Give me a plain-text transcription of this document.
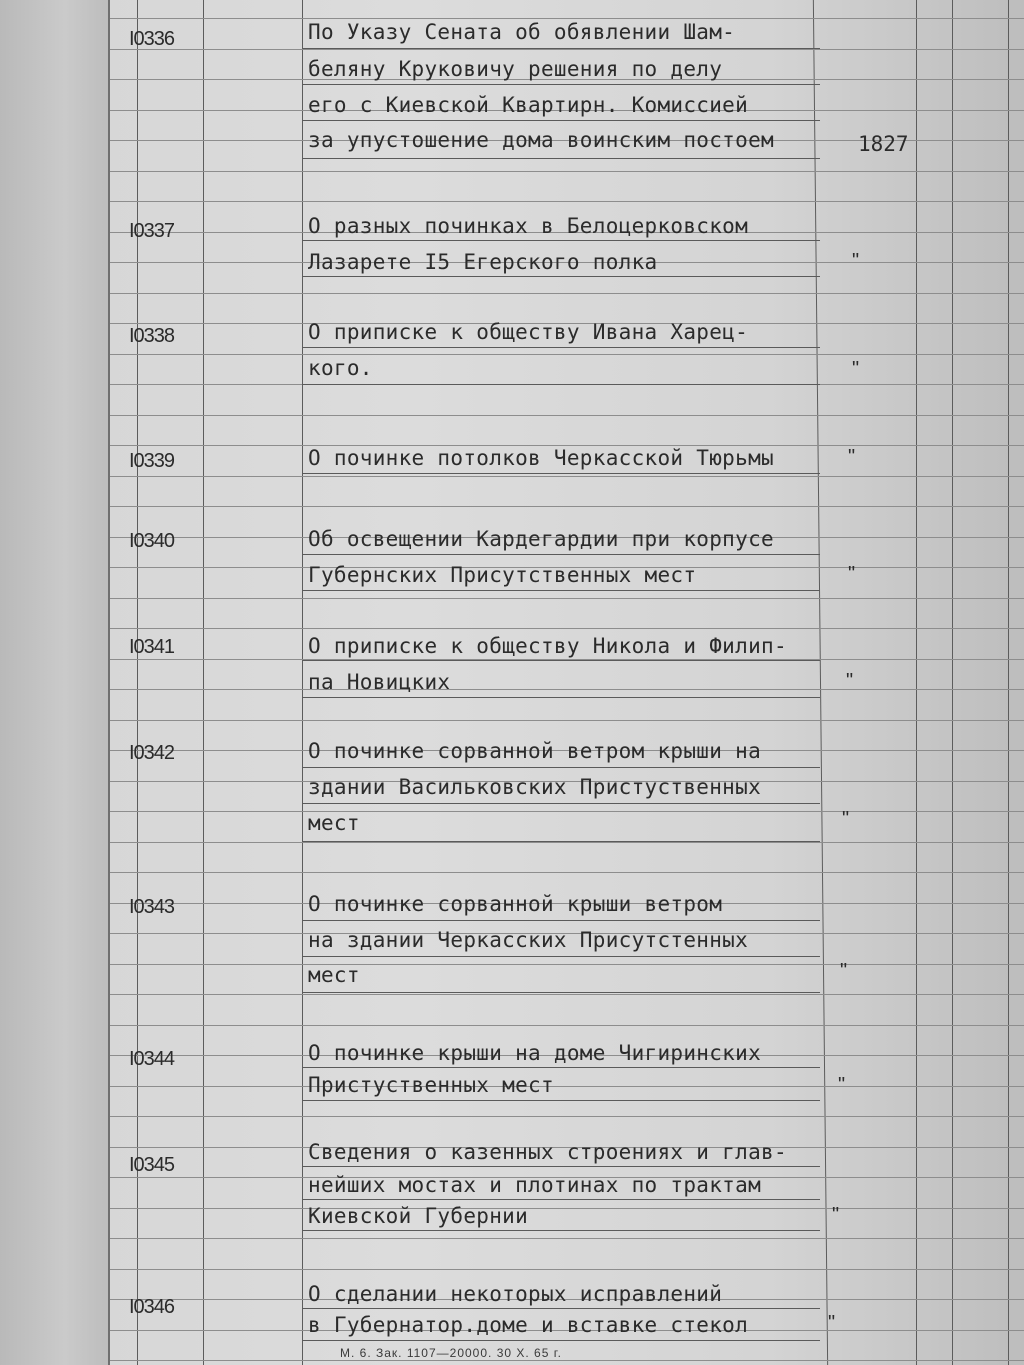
I0336	По Указу Сената об обявлении Шам-
беляну Круковичу решения по делу
его с Киевской Квартирн. Комиссией
за упустошение дома воинским постоем	1827
I0337	О разных починках в Белоцерковском
Лазарете I5 Егерского полка	"
I0338	О приписке к обществу Ивана Харец-
кого.	"
I0339	О починке потолков Черкасской Тюрьмы	"
I0340	Об освещении Кардегардии при корпусе
Губернских Присутственных мест	"
I0341	О приписке к обществу Никола и Филип-
па Новицких	"
I0342	О починке сорванной ветром крыши на
здании Васильковских Пристуственных
мест	"
I0343	О починке сорванной крыши ветром
на здании Черкасских Присутстенных
мест	"
I0344	О починке крыши на доме Чигиринских
Пристуственных мест	"
I0345
Сведения о казенных строениях и глав-
нейших мостах и плотинах по трактам
Киевской Губернии	"
I0346
О сделании некоторых исправлений
в Губернатор.доме и вставке стекол	"
М. 6. Зак. 1107—20000. 30 X. 65 г.
